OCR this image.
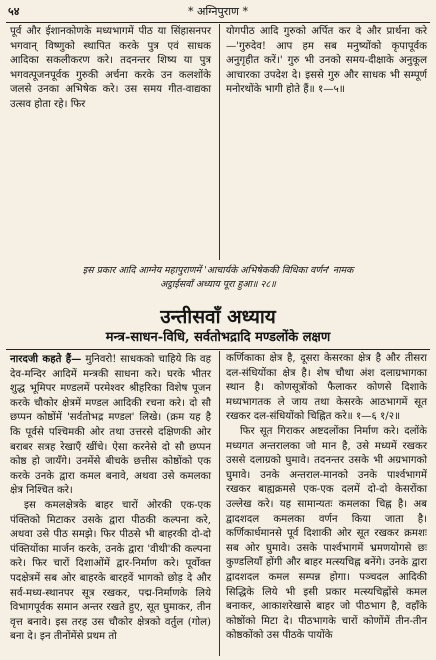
५४	* अग्निपुराण *

पूर्व और ईशानकोणके मध्यभागमें पीठ या सिंहासनपर भगवान् विष्णुको स्थापित करके पुत्र एवं साधक आदिका सकलीकरण करे। तदनन्तर शिष्य या पुत्र भगवत्पूजनपूर्वक गुरुकी अर्चना करके उन कलशोंके जलसे उनका अभिषेक करे। उस समय गीत-वाद्यका उत्सव होता रहे। फिर

योगपीठ आदि गुरुको अर्पित कर दे और प्रार्थना करे—'गुरुदेव! आप हम सब मनुष्योंको कृपापूर्वक अनुगृहीत करें।' गुरु भी उनको समय-दीक्षाके अनुकूल आचारका उपदेश दे। इससे गुरु और साधक भी सम्पूर्ण मनोरथोंके भागी होते हैं॥ १—५॥

इस प्रकार आदि आग्नेय महापुराणमें 'आचार्यके अभिषेककी विधिका वर्णन' नामक
अट्ठाईसवाँ अध्याय पूरा हुआ॥ २८॥
उन्तीसवाँ अध्याय
मन्त्र-साधन-विधि, सर्वतोभद्रादि मण्डलोंके लक्षण

नारदजी कहते हैं— मुनिवरो! साधकको चाहिये कि वह देव-मन्दिर आदिमें मन्त्रकी साधना करे। घरके भीतर शुद्ध भूमिपर मण्डलमें परमेश्वर श्रीहरिका विशेष पूजन करके चौकोर क्षेत्रमें मण्डल आदिकी रचना करे। दो सौ छप्पन कोष्ठोंमें 'सर्वतोभद्र मण्डल' लिखे। (क्रम यह है कि पूर्वसे पश्चिमकी ओर तथा उत्तरसे दक्षिणकी ओर बराबर सत्रह रेखाएँ खींचे। ऐसा करनेसे दो सौ छप्पन कोष्ठ हो जायँगे। उनमेंसे बीचके छत्तीस कोष्ठोंको एक करके उनके द्वारा कमल बनावे, अथवा उसे कमलका क्षेत्र निश्चित करे।

इस कमलक्षेत्रके बाहर चारों ओरकी एक-एक पंक्तिको मिटाकर उसके द्वारा पीठकी कल्पना करे, अथवा उसे पीठ समझे। फिर पीठसे भी बाहरकी दो-दो पंक्तियोंका मार्जन करके, उनके द्वारा 'वीथी'की कल्पना करे। फिर चारों दिशाओंमें द्वार-निर्माण करे। पूर्वोक्त पदक्षेत्रमें सब ओर बाहरके बारहवें भागको छोड़ दे और सर्व-मध्य-स्थानपर सूत्र रखकर, पद्म-निर्माणके लिये विभागपूर्वक समान अन्तर रखते हुए, सूत घुमाकर, तीन वृत्त बनावे। इस तरह उस चौकोर क्षेत्रको वर्तुल (गोल) बना दे। इन तीनोंमेंसे प्रथम तो

कर्णिकाका क्षेत्र है, दूसरा केसरका क्षेत्र है और तीसरा दल-संधियोंका क्षेत्र है। शेष चौथा अंश दलाग्रभागका स्थान है। कोणसूत्रोंको फैलाकर कोणसे दिशाके मध्यभागतक ले जाय तथा केसरके आठभागमें सूत रखकर दल-संधियोंको चिह्नित करे॥ १—६ १/२॥

फिर सूत गिराकर अष्टदलोंका निर्माण करे। दलोंके मध्यगत अन्तरालका जो मान है, उसे मध्यमें रखकर उससे दलाग्रको घुमावे। तदनन्तर उसके भी अग्रभागको घुमावे। उनके अन्तराल-मानको उनके पार्श्वभागमें रखकर बाह्यक्रमसे एक-एक दलमें दो-दो केसरोंका उल्लेख करे। यह सामान्यतः कमलका चिह्न है। अब द्वादशदल कमलका वर्णन किया जाता है। कर्णिकार्धमानसे पूर्व दिशाकी ओर सूत रखकर क्रमशः सब ओर घुमावे। उसके पार्श्वभागमें भ्रमणयोगसे छः कुण्डलियाँ होंगी और बाहर मत्स्यचिह्न बनेंगे। उनके द्वारा द्वादशदल कमल सम्पन्न होगा। पञ्चदल आदिकी सिद्धिके लिये भी इसी प्रकार मत्स्यचिह्नोंसे कमल बनाकर, आकाशरेखासे बाहर जो पीठभाग है, वहाँके कोष्ठोंको मिटा दे। पीठभागके चारों कोणोंमें तीन-तीन कोष्ठकोंको उस पीठके पायोंके
